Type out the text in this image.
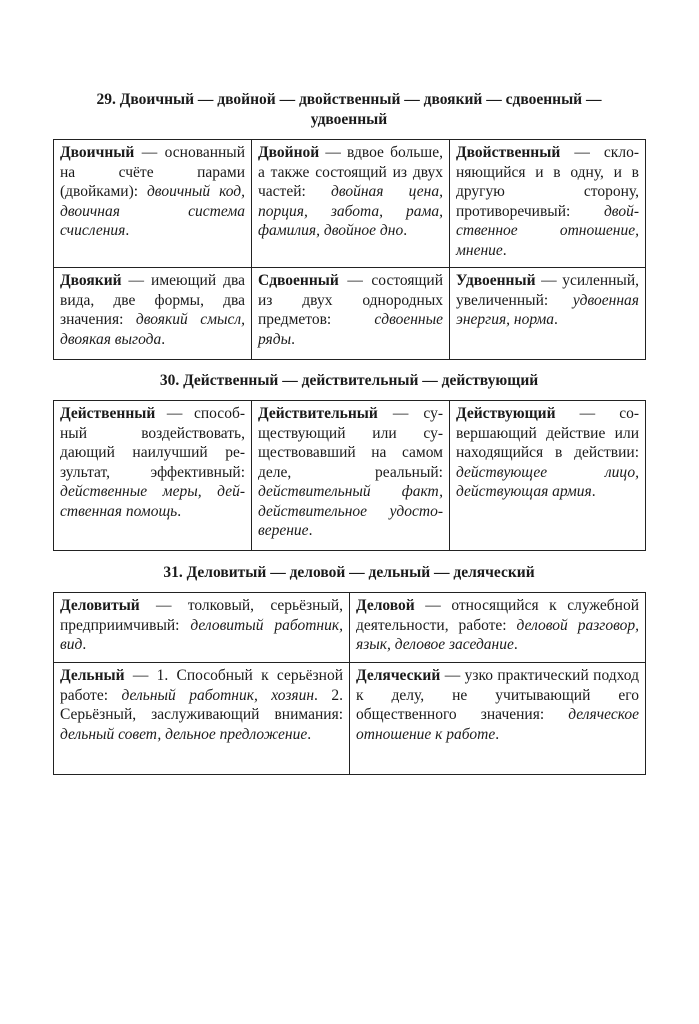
29. Двоичный — двойной — двойственный — двоякий — сдвоенный —
удвоенный
Двоичный — основанный на счёте парами (двойками): двоичный код, двоичная система счисления.	Двойной — вдвое больше, а также состоящий из двух частей: двойная цена, порция, забота, рама, фамилия, двойное дно.	Двойственный — склоняющийся и в одну, и в другую сторону, противоречивый: двойственное отношение, мнение.
Двоякий — имеющий два вида, две формы, два значения: двоякий смысл, двоякая выгода.	Сдвоенный — состоящий из двух однородных предметов: сдвоенные ряды.	Удвоенный — усиленный, увеличенный: удвоенная энергия, норма.
30. Действенный — действительный — действующий
Действенный — способный воздействовать, дающий наилучший результат, эффективный: действенные меры, действенная помощь.	Действительный — существующий или существовавший на самом деле, реальный: действительный факт, действительное удостоверение.	Действующий — совершающий действие или находящийся в действии: действующее лицо, действующая армия.
31. Деловитый — деловой — дельный — деляческий
Деловитый — толковый, серьёзный, предприимчивый: деловитый работник, вид.	Деловой — относящийся к служебной деятельности, работе: деловой разговор, язык, деловое заседание.
Дельный — 1. Способный к серьёзной работе: дельный работник, хозяин. 2. Серьёзный, заслуживающий внимания: дельный совет, дельное предложение.	Деляческий — узко практический подход к делу, не учитывающий его общественного значения: деляческое отношение к работе.
